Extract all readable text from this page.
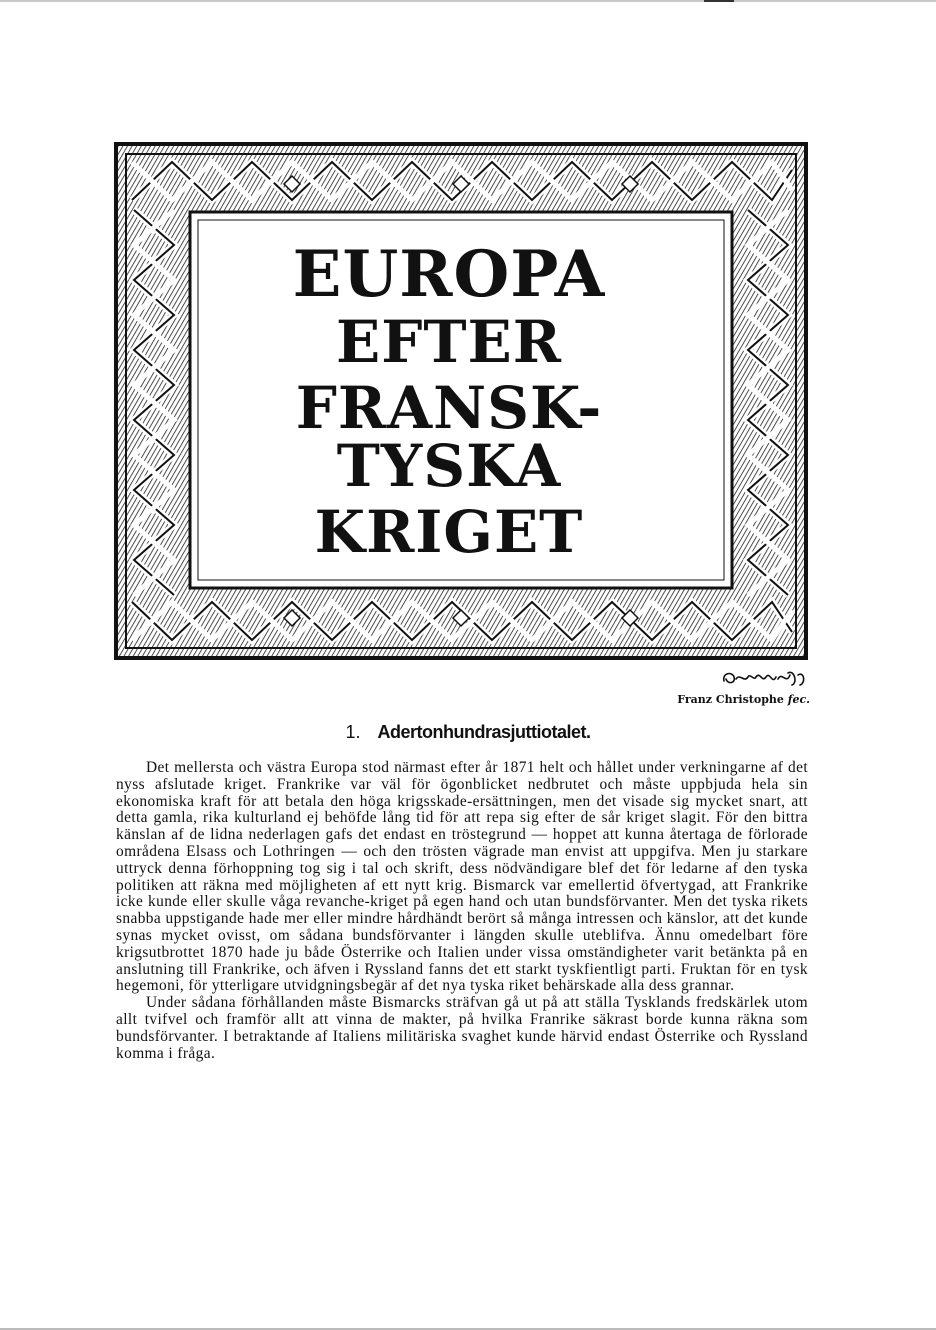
EUROPA
EFTER
FRANSK-TYSKA
KRIGET
Franz Christophe fec.
1. Adertonhundrasjuttiotalet.

Det mellersta och västra Europa stod närmast efter år 1871 helt och hållet under verkningarne af det nyss afslutade kriget. Frankrike var väl för ögonblicket nedbrutet och måste uppbjuda hela sin ekonomiska kraft för att betala den höga krigsskade-ersättningen, men det visade sig mycket snart, att detta gamla, rika kulturland ej behöfde lång tid för att repa sig efter de sår kriget slagit. För den bittra känslan af de lidna nederlagen gafs det endast en tröstegrund — hoppet att kunna återtaga de förlorade områdena Elsass och Lothringen — och den trösten vägrade man envist att uppgifva. Men ju starkare uttryck denna förhoppning tog sig i tal och skrift, dess nödvändigare blef det för ledarne af den tyska politiken att räkna med möjligheten af ett nytt krig. Bismarck var emellertid öfvertygad, att Frankrike icke kunde eller skulle våga revanche-kriget på egen hand och utan bundsförvanter. Men det tyska rikets snabba uppstigande hade mer eller mindre hårdhändt berört så många intressen och känslor, att det kunde synas mycket ovisst, om sådana bundsförvanter i längden skulle uteblifva. Ännu omedelbart före krigsutbrottet 1870 hade ju både Österrike och Italien under vissa omständigheter varit betänkta på en anslutning till Frankrike, och äfven i Ryssland fanns det ett starkt tyskfientligt parti. Fruktan för en tysk hegemoni, för ytterligare utvidgningsbegär af det nya tyska riket behärskade alla dess grannar.

Under sådana förhållanden måste Bismarcks sträfvan gå ut på att ställa Tysklands fredskärlek utom allt tvifvel och framför allt att vinna de makter, på hvilka Franrike säkrast borde kunna räkna som bundsförvanter. I betraktande af Italiens militäriska svaghet kunde härvid endast Österrike och Ryssland komma i fråga.
